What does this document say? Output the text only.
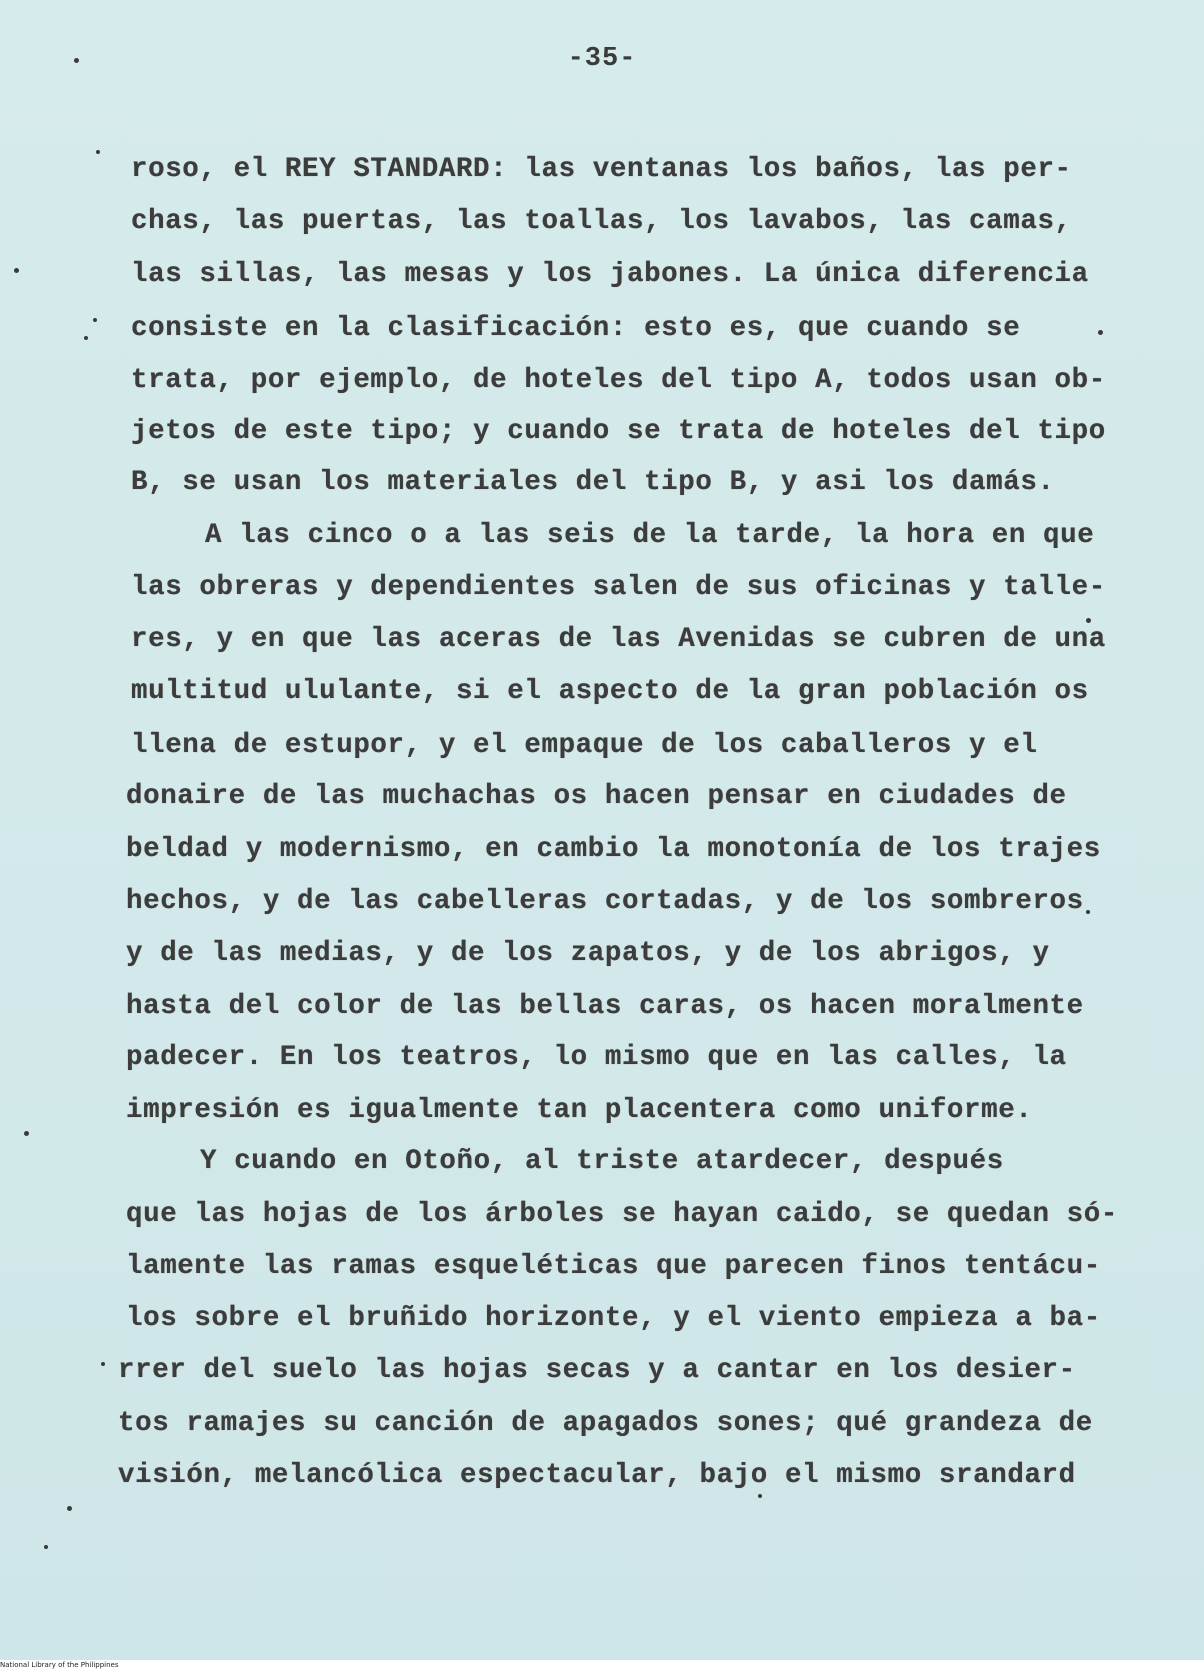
-35-
roso, el REY STANDARD: las ventanas los baños, las per-
chas, las puertas, las toallas, los lavabos, las camas,
las sillas, las mesas y los jabones. La única diferencia
consiste en la clasificación: esto es, que cuando se
trata, por ejemplo, de hoteles del tipo A, todos usan ob-
jetos de este tipo; y cuando se trata de hoteles del tipo
B, se usan los materiales del tipo B, y asi los damás.
A las cinco o a las seis de la tarde, la hora en que
las obreras y dependientes salen de sus oficinas y talle-
res, y en que las aceras de las Avenidas se cubren de una
multitud ululante, si el aspecto de la gran población os
llena de estupor, y el empaque de los caballeros y el
donaire de las muchachas os hacen pensar en ciudades de
beldad y modernismo, en cambio la monotonía de los trajes
hechos, y de las cabelleras cortadas, y de los sombreros
y de las medias, y de los zapatos, y de los abrigos, y
hasta del color de las bellas caras, os hacen moralmente
padecer. En los teatros, lo mismo que en las calles, la
impresión es igualmente tan placentera como uniforme.
Y cuando en Otoño, al triste atardecer, después
que las hojas de los árboles se hayan caido, se quedan só-
lamente las ramas esqueléticas que parecen finos tentácu-
los sobre el bruñido horizonte, y el viento empieza a ba-
rrer del suelo las hojas secas y a cantar en los desier-
tos ramajes su canción de apagados sones; qué grandeza de
visión, melancólica espectacular, bajo el mismo srandard
National Library of the Philippines
